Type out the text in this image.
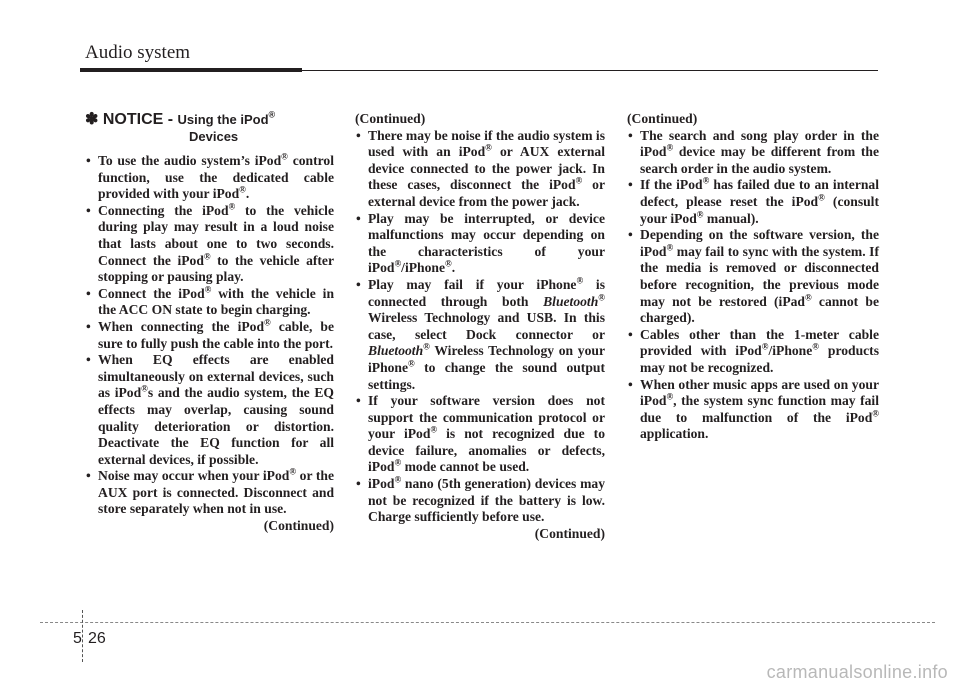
Audio system
✽ NOTICE - Using the iPod®
Devices
• To use the audio system’s iPod® control function, use the dedicated cable provided with your iPod®.
• Connecting the iPod® to the vehicle during play may result in a loud noise that lasts about one to two seconds. Connect the iPod® to the vehicle after stopping or pausing play.
• Connect the iPod® with the vehicle in the ACC ON state to begin charging.
• When connecting the iPod® cable, be sure to fully push the cable into the port.
• When EQ effects are enabled simultaneously on external devices, such as iPod®s and the audio system, the EQ effects may overlap, causing sound quality deterioration or distortion. Deactivate the EQ function for all external devices, if possible.
• Noise may occur when your iPod® or the AUX port is connected. Disconnect and store separately when not in use.
(Continued)
(Continued)
• There may be noise if the audio system is used with an iPod® or AUX external device connected to the power jack. In these cases, disconnect the iPod® or external device from the power jack.
• Play may be interrupted, or device malfunctions may occur depending on the characteristics of your iPod®/iPhone®.
• Play may fail if your iPhone® is connected through both Bluetooth® Wireless Technology and USB. In this case, select Dock connector or Bluetooth® Wireless Technology on your iPhone® to change the sound output settings.
• If your software version does not support the communication protocol or your iPod® is not recognized due to device failure, anomalies or defects, iPod® mode cannot be used.
• iPod® nano (5th generation) devices may not be recognized if the battery is low. Charge sufficiently before use.
(Continued)
(Continued)
• The search and song play order in the iPod® device may be different from the search order in the audio system.
• If the iPod® has failed due to an internal defect, please reset the iPod® (consult your iPod® manual).
• Depending on the software version, the iPod® may fail to sync with the system. If the media is removed or disconnected before recognition, the previous mode may not be restored (iPad® cannot be charged).
• Cables other than the 1-meter cable provided with iPod®/iPhone® products may not be recognized.
• When other music apps are used on your iPod®, the system sync function may fail due to malfunction of the iPod® application.
5 26
carmanualsonline.info
